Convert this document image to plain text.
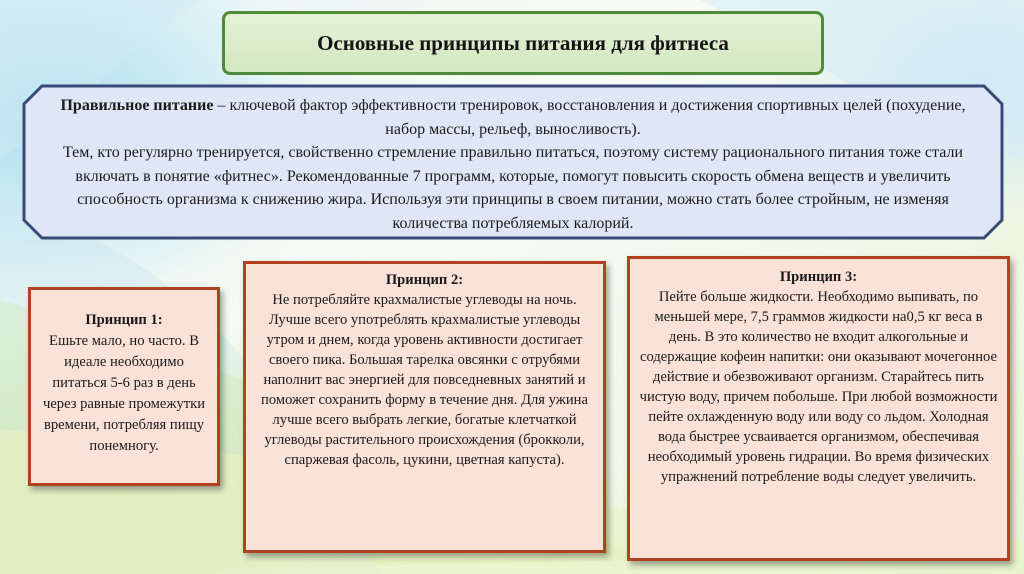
Основные принципы питания для фитнеса
Правильное питание – ключевой фактор эффективности тренировок, восстановления и достижения спортивных целей (похудение, набор массы, рельеф, выносливость).
Тем, кто регулярно тренируется, свойственно стремление правильно питаться, поэтому систему рационального питания тоже стали включать в понятие «фитнес». Рекомендованные 7 программ, которые, помогут повысить скорость обмена веществ и увеличить способность организма к снижению жира. Используя эти принципы в своем питании, можно стать более стройным, не изменяя количества потребляемых калорий.
Принцип 1:
Ешьте мало, но часто. В идеале необходимо питаться 5-6 раз в день через равные промежутки времени, потребляя пищу понемногу.
Принцип 2:
Не потребляйте крахмалистые углеводы на ночь. Лучше всего употреблять крахмалистые углеводы утром и днем, когда уровень активности достигает своего пика. Большая тарелка овсянки с отрубями наполнит вас энергией для повседневных занятий и поможет сохранить форму в течение дня. Для ужина лучше всего выбрать легкие, богатые клетчаткой углеводы растительного происхождения (брокколи, спаржевая фасоль, цукини, цветная капуста).
Принцип 3:
Пейте больше жидкости. Необходимо выпивать, по меньшей мере, 7,5 граммов жидкости на0,5 кг веса в день. В это количество не входит алкогольные и содержащие кофеин напитки: они оказывают мочегонное действие и обезвоживают организм. Старайтесь пить чистую воду, причем побольше. При любой возможности пейте охлажденную воду или воду со льдом. Холодная вода быстрее усваивается организмом, обеспечивая необходимый уровень гидрации. Во время физических упражнений потребление воды следует увеличить.
